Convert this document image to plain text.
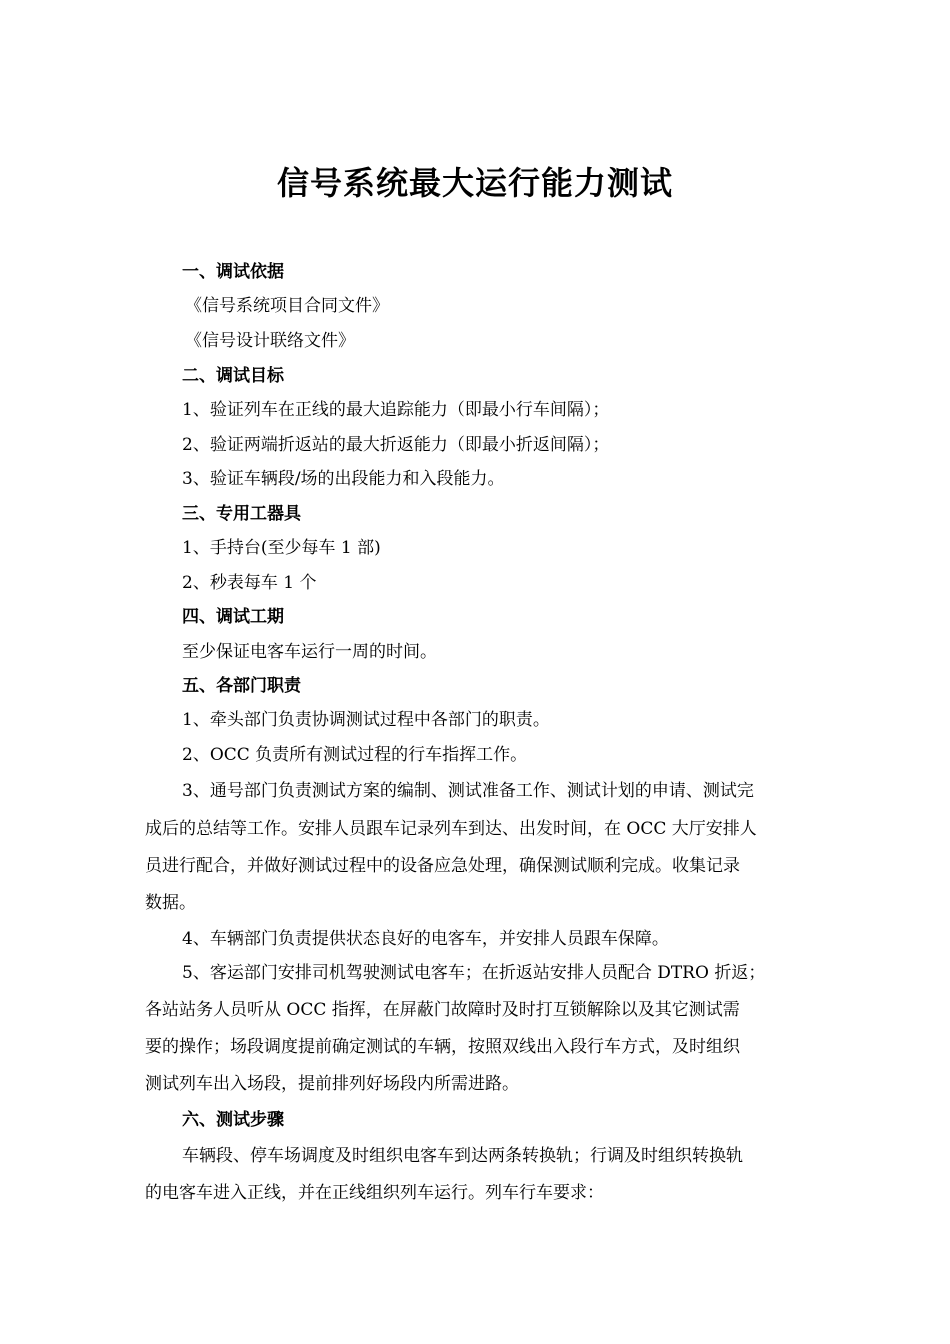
信号系统最大运行能力测试
一、调试依据
《信号系统项目合同文件》
《信号设计联络文件》
二、调试目标
1、验证列车在正线的最大追踪能力（即最小行车间隔）；
2、验证两端折返站的最大折返能力（即最小折返间隔）；
3、验证车辆段/场的出段能力和入段能力。
三、专用工器具
1、手持台(至少每车 1 部)
2、秒表每车 1 个
四、调试工期
至少保证电客车运行一周的时间。
五、各部门职责
1、牵头部门负责协调测试过程中各部门的职责。
2、OCC 负责所有测试过程的行车指挥工作。
3、通号部门负责测试方案的编制、测试准备工作、测试计划的申请、测试完
成后的总结等工作。安排人员跟车记录列车到达、出发时间，在 OCC 大厅安排人
员进行配合，并做好测试过程中的设备应急处理，确保测试顺利完成。收集记录
数据。
4、车辆部门负责提供状态良好的电客车，并安排人员跟车保障。
5、客运部门安排司机驾驶测试电客车；在折返站安排人员配合 DTRO 折返；
各站站务人员听从 OCC 指挥，在屏蔽门故障时及时打互锁解除以及其它测试需
要的操作；场段调度提前确定测试的车辆，按照双线出入段行车方式，及时组织
测试列车出入场段，提前排列好场段内所需进路。
六、测试步骤
车辆段、停车场调度及时组织电客车到达两条转换轨；行调及时组织转换轨
的电客车进入正线，并在正线组织列车运行。列车行车要求：
